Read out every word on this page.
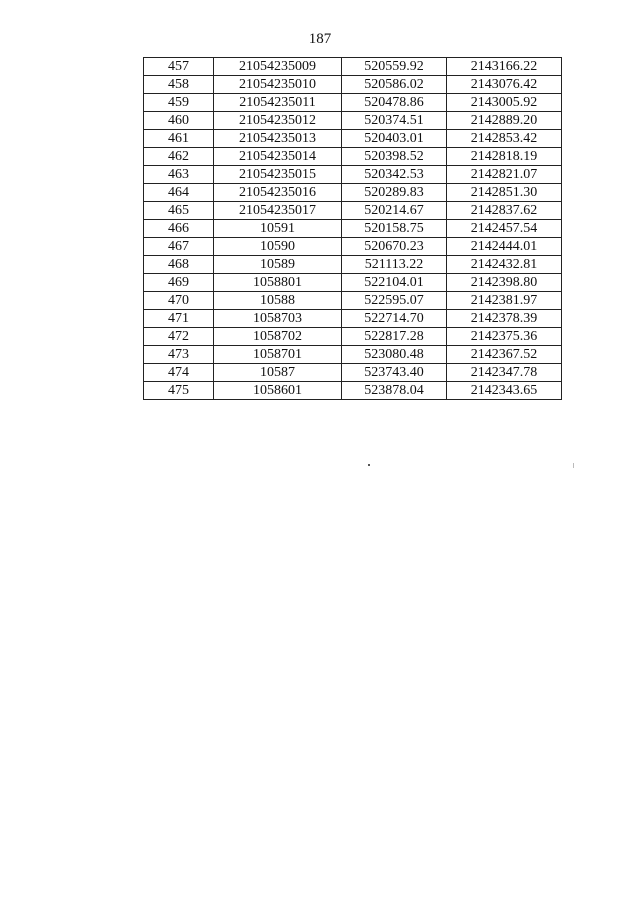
187
457	21054235009	520559.92	2143166.22
458	21054235010	520586.02	2143076.42
459	21054235011	520478.86	2143005.92
460	21054235012	520374.51	2142889.20
461	21054235013	520403.01	2142853.42
462	21054235014	520398.52	2142818.19
463	21054235015	520342.53	2142821.07
464	21054235016	520289.83	2142851.30
465	21054235017	520214.67	2142837.62
466	10591	520158.75	2142457.54
467	10590	520670.23	2142444.01
468	10589	521113.22	2142432.81
469	1058801	522104.01	2142398.80
470	10588	522595.07	2142381.97
471	1058703	522714.70	2142378.39
472	1058702	522817.28	2142375.36
473	1058701	523080.48	2142367.52
474	10587	523743.40	2142347.78
475	1058601	523878.04	2142343.65
